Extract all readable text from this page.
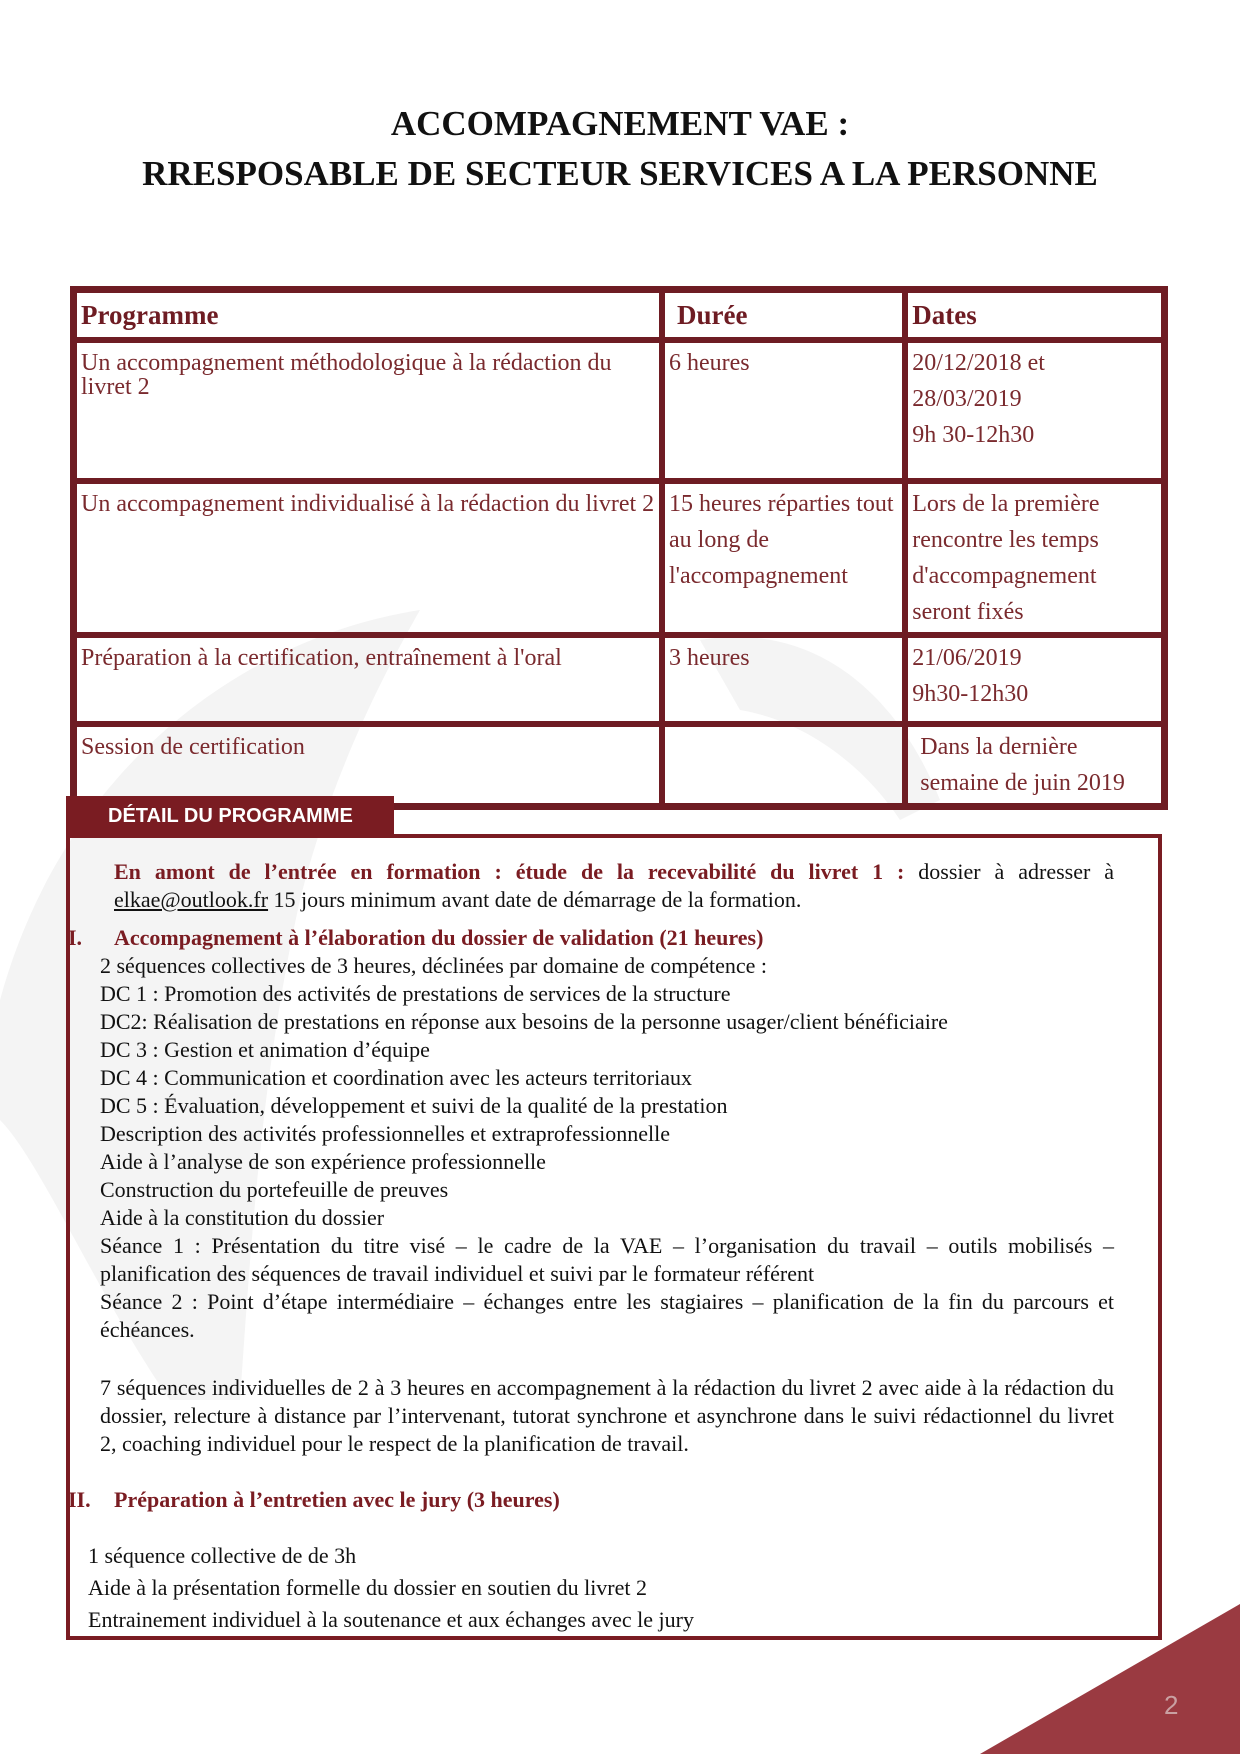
ACCOMPAGNEMENT VAE :
RRESPOSABLE DE SECTEUR SERVICES A LA PERSONNE
Programme	Durée	Dates
Un accompagnement méthodologique à la rédaction du livret 2	6 heures	20/12/2018 et
28/03/2019
9h 30-12h30

Un accompagnement individualisé à la rédaction du livret 2	15 heures réparties tout au long de l'accompagnement	Lors de la première
rencontre les temps
d'accompagnement
seront fixés

Préparation à la certification, entraînement à l'oral	3 heures	21/06/2019
9h30-12h30

Session de certification		Dans la dernière
semaine de juin 2019
DÉTAIL DU PROGRAMME
En amont de l’entrée en formation : étude de la recevabilité du livret 1 : dossier à adresser à elkae@outlook.fr 15 jours minimum avant date de démarrage de la formation.
I. Accompagnement à l’élaboration du dossier de validation (21 heures)
2 séquences collectives de 3 heures, déclinées par domaine de compétence :
DC 1 : Promotion des activités de prestations de services de la structure
DC2: Réalisation de prestations en réponse aux besoins de la personne usager/client bénéficiaire
DC 3 : Gestion et animation d’équipe
DC 4 : Communication et coordination avec les acteurs territoriaux
DC 5 : Évaluation, développement et suivi de la qualité de la prestation
Description des activités professionnelles et extraprofessionnelle
Aide à l’analyse de son expérience professionnelle
Construction du portefeuille de preuves
Aide à la constitution du dossier
Séance 1 : Présentation du titre visé – le cadre de la VAE – l’organisation du travail – outils mobilisés – planification des séquences de travail individuel et suivi par le formateur référent
Séance 2 : Point d’étape intermédiaire – échanges entre les stagiaires – planification de la fin du parcours et échéances.
7 séquences individuelles de 2 à 3 heures en accompagnement à la rédaction du livret 2 avec aide à la rédaction du dossier, relecture à distance par l’intervenant, tutorat synchrone et asynchrone dans le suivi rédactionnel du livret 2, coaching individuel pour le respect de la planification de travail.
II. Préparation à l’entretien avec le jury (3 heures)
1 séquence collective de de 3h
Aide à la présentation formelle du dossier en soutien du livret 2
Entrainement individuel à la soutenance et aux échanges avec le jury
2
